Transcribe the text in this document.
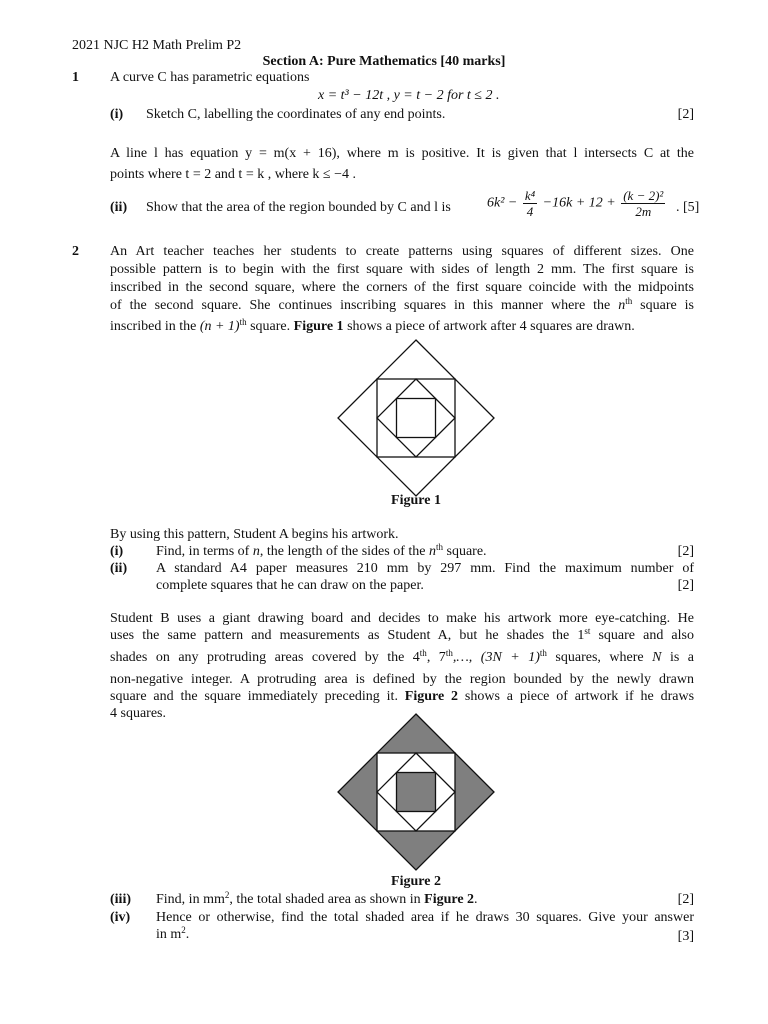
2021 NJC H2 Math Prelim P2
Section A: Pure Mathematics [40 marks]
1 A curve C has parametric equations
x = t³ − 12t , y = t − 2 for t ≤ 2 .
(i) Sketch C, labelling the coordinates of any end points.	[2]
A line l has equation y = m(x + 16), where m is positive. It is given that l intersects C at the
points where t = 2 and t = k , where k ≤ −4 .
(ii) Show that the area of the region bounded by C and l is	$6k^2 - \frac{\text{k⁴}}{4} -16k + 12 + \frac{\text{(k − 2)²}}{2m}$ . [5]
2 An Art teacher teaches her students to create patterns using squares of different sizes. One
possible pattern is to begin with the first square with sides of length 2 mm. The first square is
inscribed in the second square, where the corners of the first square coincide with the midpoints
of the second square. She continues inscribing squares in this manner where the $n^{th}$ square is
inscribed in the $(n + 1)^{th}$ square. Figure 1 shows a piece of artwork after 4 squares are drawn.
Figure 1
By using this pattern, Student A begins his artwork.
(i) Find, in terms of n, the length of the sides of the $n^{th}$ square.	[2]
(ii) A standard A4 paper measures 210 mm by 297 mm. Find the maximum number of
complete squares that he can draw on the paper.	[2]
Student B uses a giant drawing board and decides to make his artwork more eye-catching. He
uses the same pattern and measurements as Student A, but he shades the 1st square and also
shades on any protruding areas covered by the 4th, 7th,…, $(3N + 1)^{th}$ squares, where N is a
non-negative integer. A protruding area is defined by the region bounded by the newly drawn
square and the square immediately preceding it. Figure 2 shows a piece of artwork if he draws
4 squares.
Figure 2
(iii) Find, in $mm^2$, the total shaded area as shown in Figure 2.	[2]
(iv) Hence or otherwise, find the total shaded area if he draws 30 squares. Give your answer
in $m^2$.	[3]
